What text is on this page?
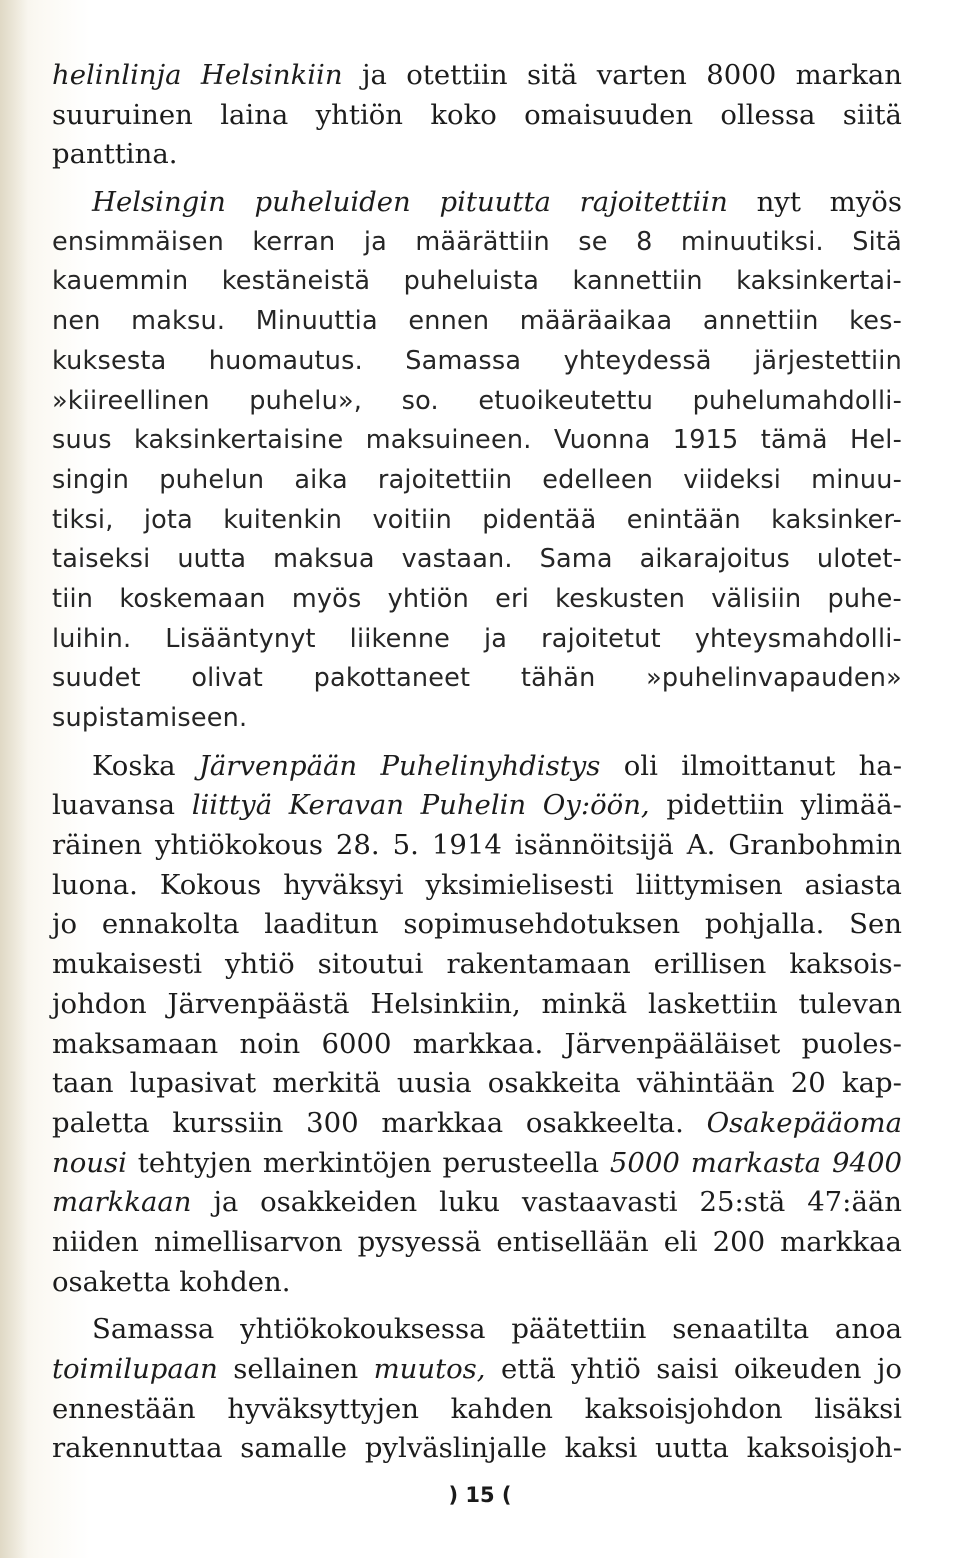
helinlinja Helsinkiin ja otettiin sitä varten 8000 markan
suuruinen laina yhtiön koko omaisuuden ollessa siitä
panttina.
Helsingin puheluiden pituutta rajoitettiin nyt myös
ensimmäisen kerran ja määrättiin se 8 minuutiksi. Sitä
kauemmin kestäneistä puheluista kannettiin kaksinkertai-
nen maksu. Minuuttia ennen määräaikaa annettiin kes-
kuksesta huomautus. Samassa yhteydessä järjestettiin
»kiireellinen puhelu», so. etuoikeutettu puhelumahdolli-
suus kaksinkertaisine maksuineen. Vuonna 1915 tämä Hel-
singin puhelun aika rajoitettiin edelleen viideksi minuu-
tiksi, jota kuitenkin voitiin pidentää enintään kaksinker-
taiseksi uutta maksua vastaan. Sama aikarajoitus ulotet-
tiin koskemaan myös yhtiön eri keskusten välisiin puhe-
luihin. Lisääntynyt liikenne ja rajoitetut yhteysmahdolli-
suudet olivat pakottaneet tähän »puhelinvapauden»
supistamiseen.
Koska Järvenpään Puhelinyhdistys oli ilmoittanut ha-
luavansa liittyä Keravan Puhelin Oy:öön, pidettiin ylimää-
räinen yhtiökokous 28. 5. 1914 isännöitsijä A. Granbohmin
luona. Kokous hyväksyi yksimielisesti liittymisen asiasta
jo ennakolta laaditun sopimusehdotuksen pohjalla. Sen
mukaisesti yhtiö sitoutui rakentamaan erillisen kaksois-
johdon Järvenpäästä Helsinkiin, minkä laskettiin tulevan
maksamaan noin 6000 markkaa. Järvenpääläiset puoles-
taan lupasivat merkitä uusia osakkeita vähintään 20 kap-
paletta kurssiin 300 markkaa osakkeelta. Osakepääoma
nousi tehtyjen merkintöjen perusteella 5000 markasta 9400
markkaan ja osakkeiden luku vastaavasti 25:stä 47:ään
niiden nimellisarvon pysyessä entisellään eli 200 markkaa
osaketta kohden.
Samassa yhtiökokouksessa päätettiin senaatilta anoa
toimilupaan sellainen muutos, että yhtiö saisi oikeuden jo
ennestään hyväksyttyjen kahden kaksoisjohdon lisäksi
rakennuttaa samalle pylväslinjalle kaksi uutta kaksoisjoh-
) 15 (
